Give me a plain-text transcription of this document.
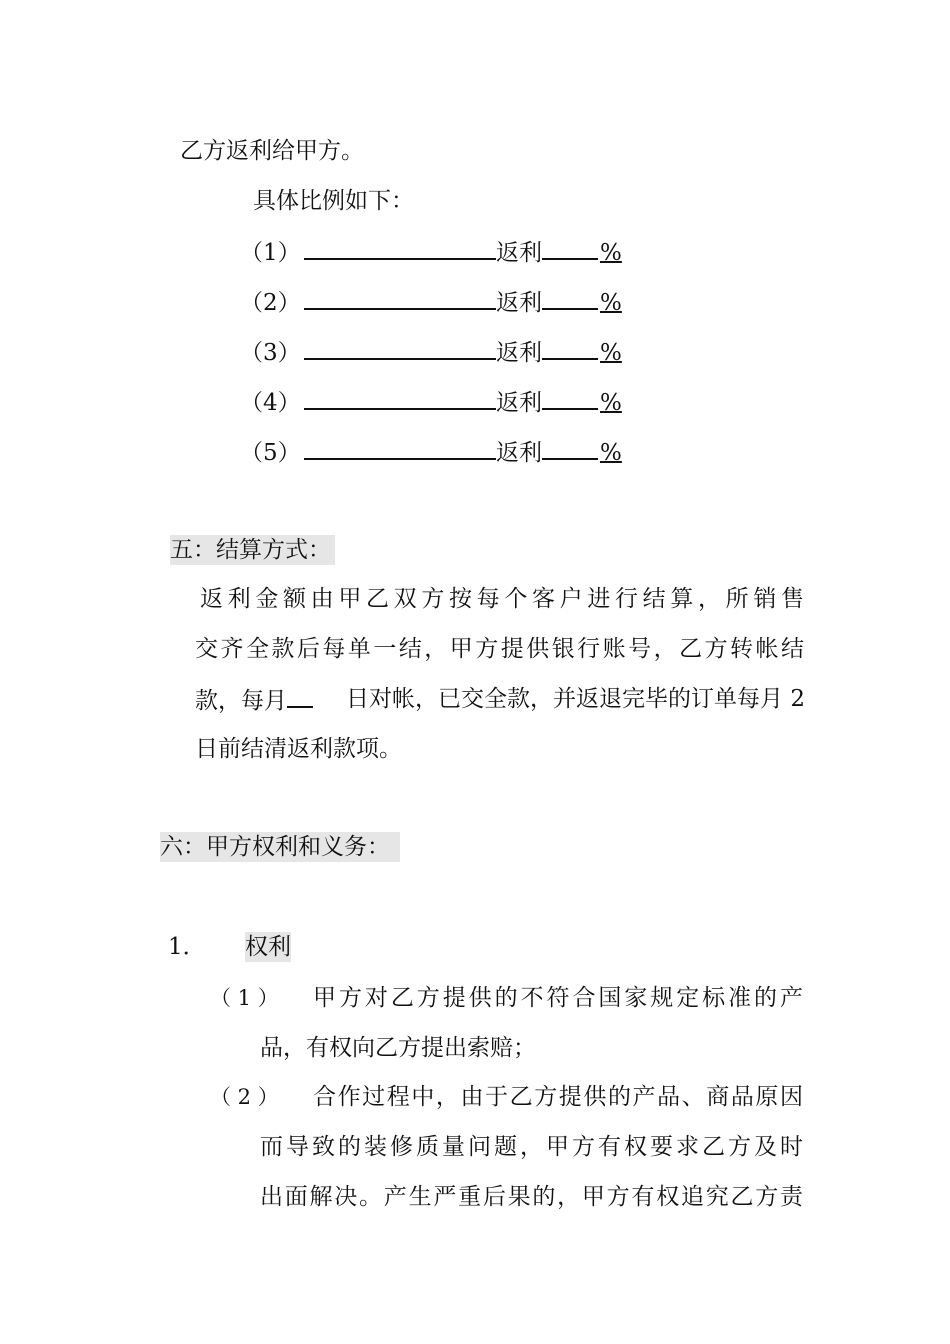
乙方返利给甲方。
具体比例如下：
（1）	返利	%
（2）	返利	%
（3）	返利	%
（4）	返利	%
（5）	返利	%
五：结算方式：
返利金额由甲乙双方按每个客户进行结算，所销售
交齐全款后每单一结，甲方提供银行账号，乙方转帐结
款，每月	日对帐，已交全款，并返退完毕的订单每月 2
日前结清返利款项。
六：甲方权利和义务：
1． 权利
（ 1 ） 甲方对乙方提供的不符合国家规定标准的产
品，有权向乙方提出索赔；
（ 2 ） 合作过程中，由于乙方提供的产品、商品原因
而导致的装修质量问题，甲方有权要求乙方及时
出面解决。产生严重后果的，甲方有权追究乙方责
